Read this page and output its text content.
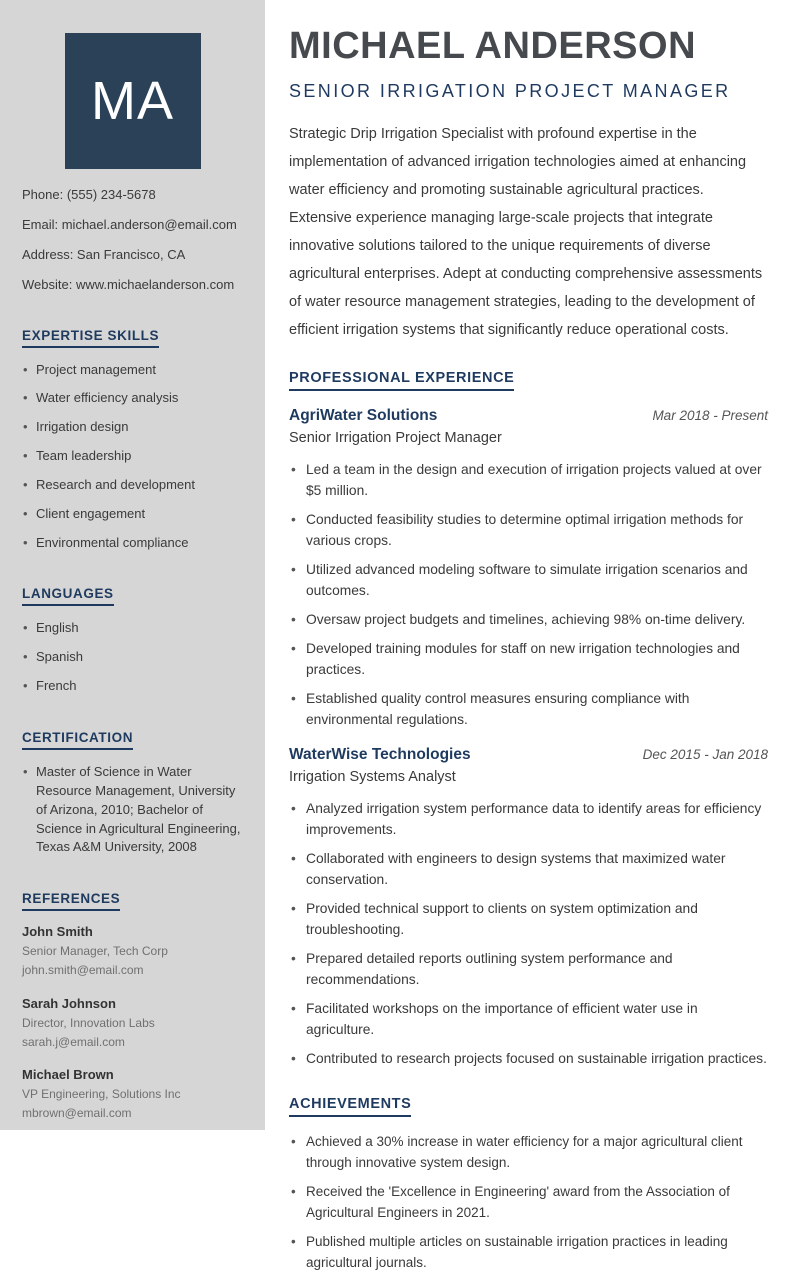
MA

Phone: (555) 234-5678

Email: michael.anderson@email.com

Address: San Francisco, CA

Website: www.michaelanderson.com

EXPERTISE SKILLS
• Project management
• Water efficiency analysis
• Irrigation design
• Team leadership
• Research and development
• Client engagement
• Environmental compliance
LANGUAGES
• English
• Spanish
• French
CERTIFICATION
• Master of Science in Water Resource Management, University of Arizona, 2010; Bachelor of Science in Agricultural Engineering, Texas A&M University, 2008
REFERENCES

John Smith

Senior Manager, Tech Corp

john.smith@email.com

Sarah Johnson

Director, Innovation Labs

sarah.j@email.com

Michael Brown

VP Engineering, Solutions Inc

mbrown@email.com

MICHAEL ANDERSON
SENIOR IRRIGATION PROJECT MANAGER

Strategic Drip Irrigation Specialist with profound expertise in the implementation of advanced irrigation technologies aimed at enhancing water efficiency and promoting sustainable agricultural practices. Extensive experience managing large-scale projects that integrate innovative solutions tailored to the unique requirements of diverse agricultural enterprises. Adept at conducting comprehensive assessments of water resource management strategies, leading to the development of efficient irrigation systems that significantly reduce operational costs.

PROFESSIONAL EXPERIENCE
AgriWater Solutions	Mar 2018 - Present
Senior Irrigation Project Manager
• Led a team in the design and execution of irrigation projects valued at over $5 million.
• Conducted feasibility studies to determine optimal irrigation methods for various crops.
• Utilized advanced modeling software to simulate irrigation scenarios and outcomes.
• Oversaw project budgets and timelines, achieving 98% on-time delivery.
• Developed training modules for staff on new irrigation technologies and practices.
• Established quality control measures ensuring compliance with environmental regulations.
WaterWise Technologies	Dec 2015 - Jan 2018
Irrigation Systems Analyst
• Analyzed irrigation system performance data to identify areas for efficiency improvements.
• Collaborated with engineers to design systems that maximized water conservation.
• Provided technical support to clients on system optimization and troubleshooting.
• Prepared detailed reports outlining system performance and recommendations.
• Facilitated workshops on the importance of efficient water use in agriculture.
• Contributed to research projects focused on sustainable irrigation practices.
ACHIEVEMENTS
• Achieved a 30% increase in water efficiency for a major agricultural client through innovative system design.
• Received the 'Excellence in Engineering' award from the Association of Agricultural Engineers in 2021.
• Published multiple articles on sustainable irrigation practices in leading agricultural journals.
